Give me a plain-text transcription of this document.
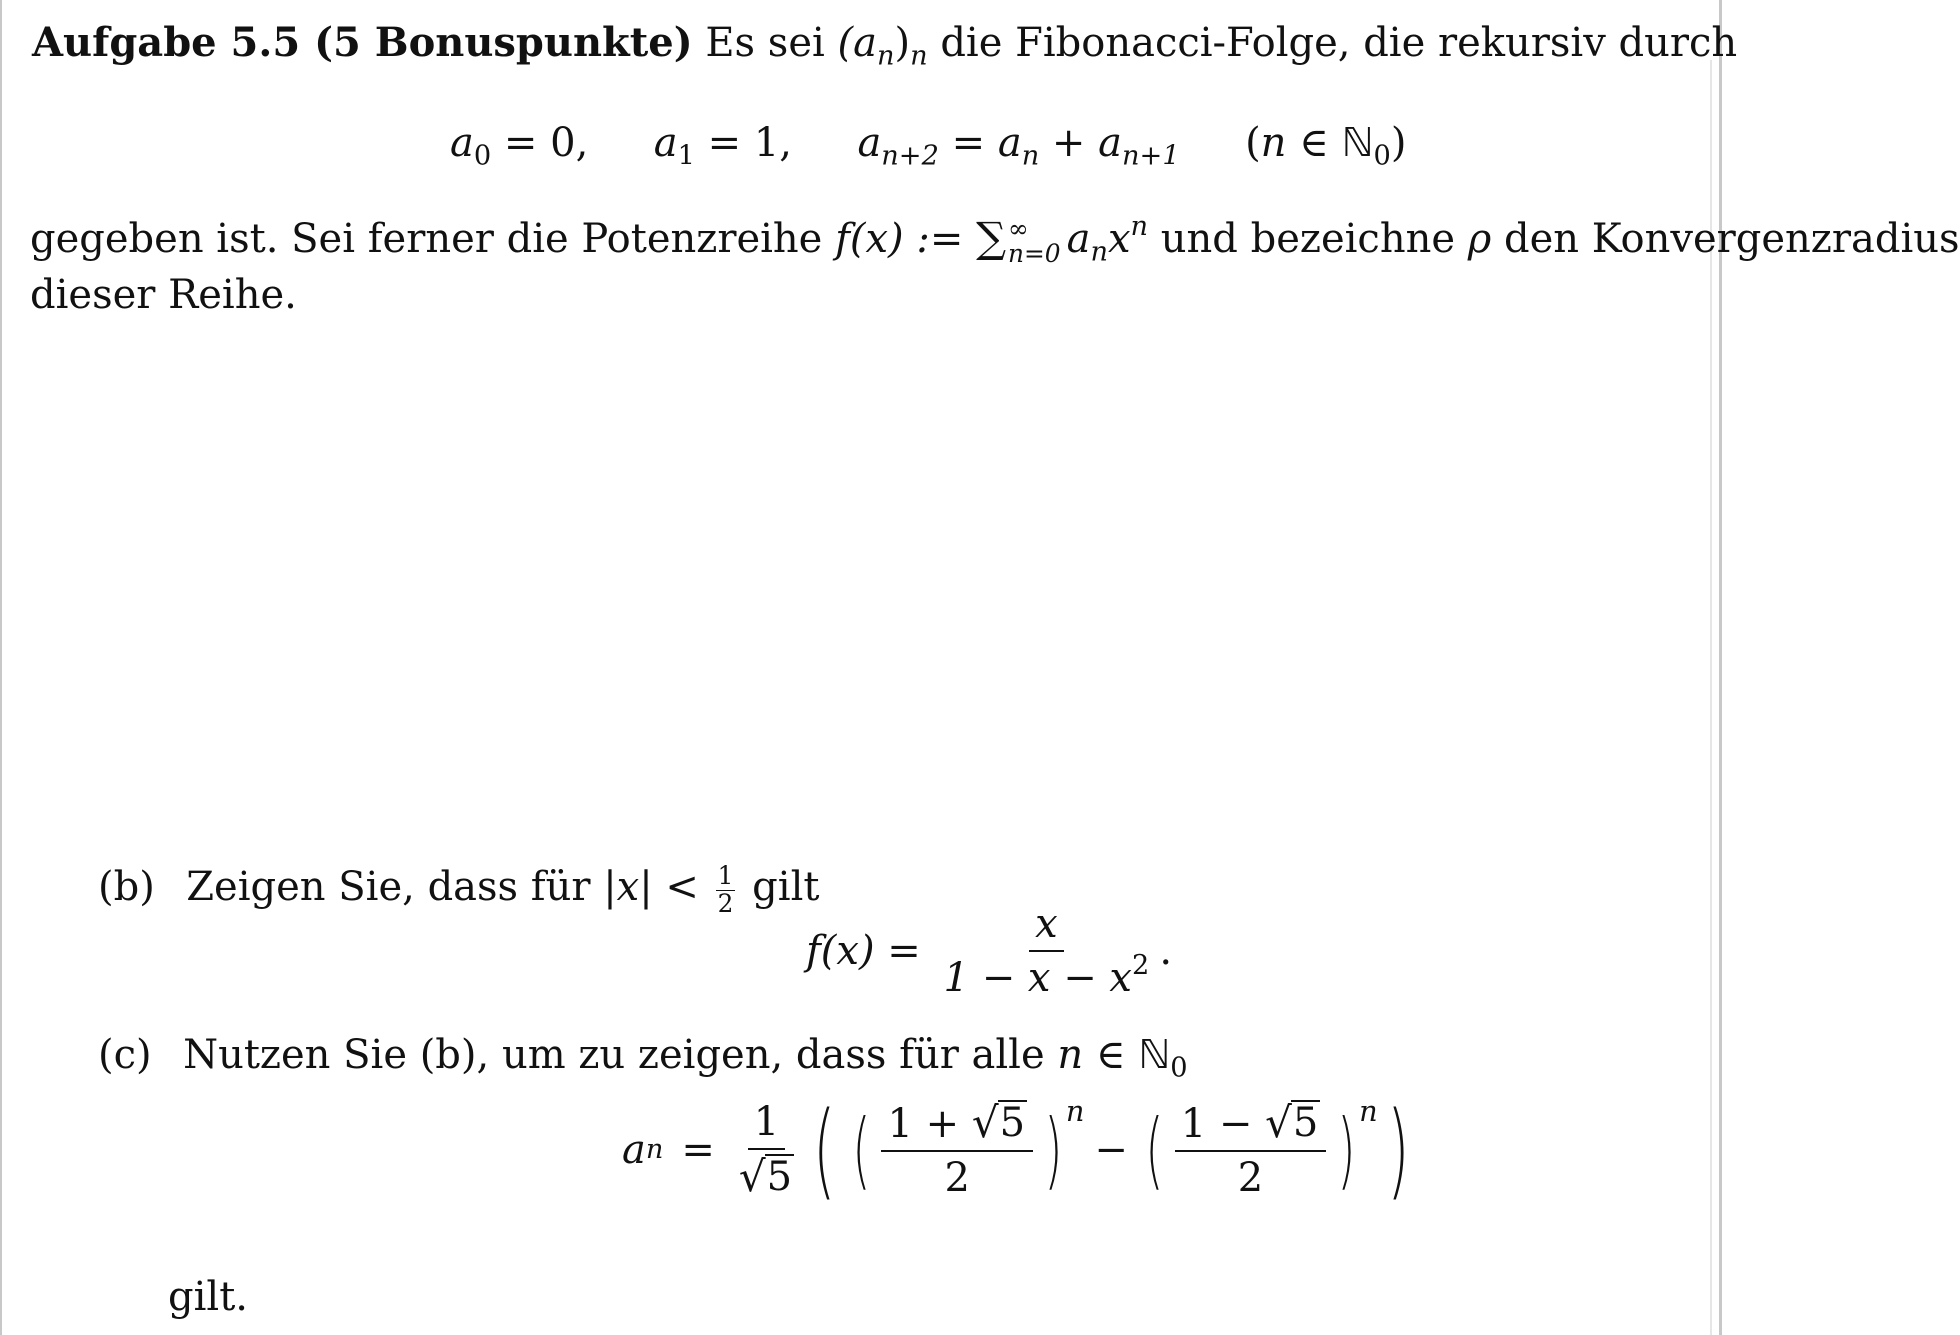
Aufgabe 5.5 (5 Bonuspunkte) Es sei $(a_n)_n$ die Fibonacci-Folge, die rekursiv durch
$a_0 = 0$, $a_1 = 1$, $a_{n+2} = a_n + a_{n+1}$ (n ∈ ℕ$_0$)
gegeben ist. Sei ferner die Potenzreihe f(x) := ∑ ∞
n=0 $a_nx^n$ und bezeichne ρ den Konvergenzradius
dieser Reihe.
(b) Zeigen Sie, dass für $|x| < \frac{1}{2}$ gilt
$f(x) = \frac{x}{1 - x - x^2}$ .
(c) Nutzen Sie (b), um zu zeigen, dass für alle n ∈ ℕ$_0$
a $n = \frac{1}{√ 5}$ ( ( $\frac{1 + √ 5}{2}$ ) n
− ( $\frac{1 - √ 5}{2}$ ) n )
gilt.
